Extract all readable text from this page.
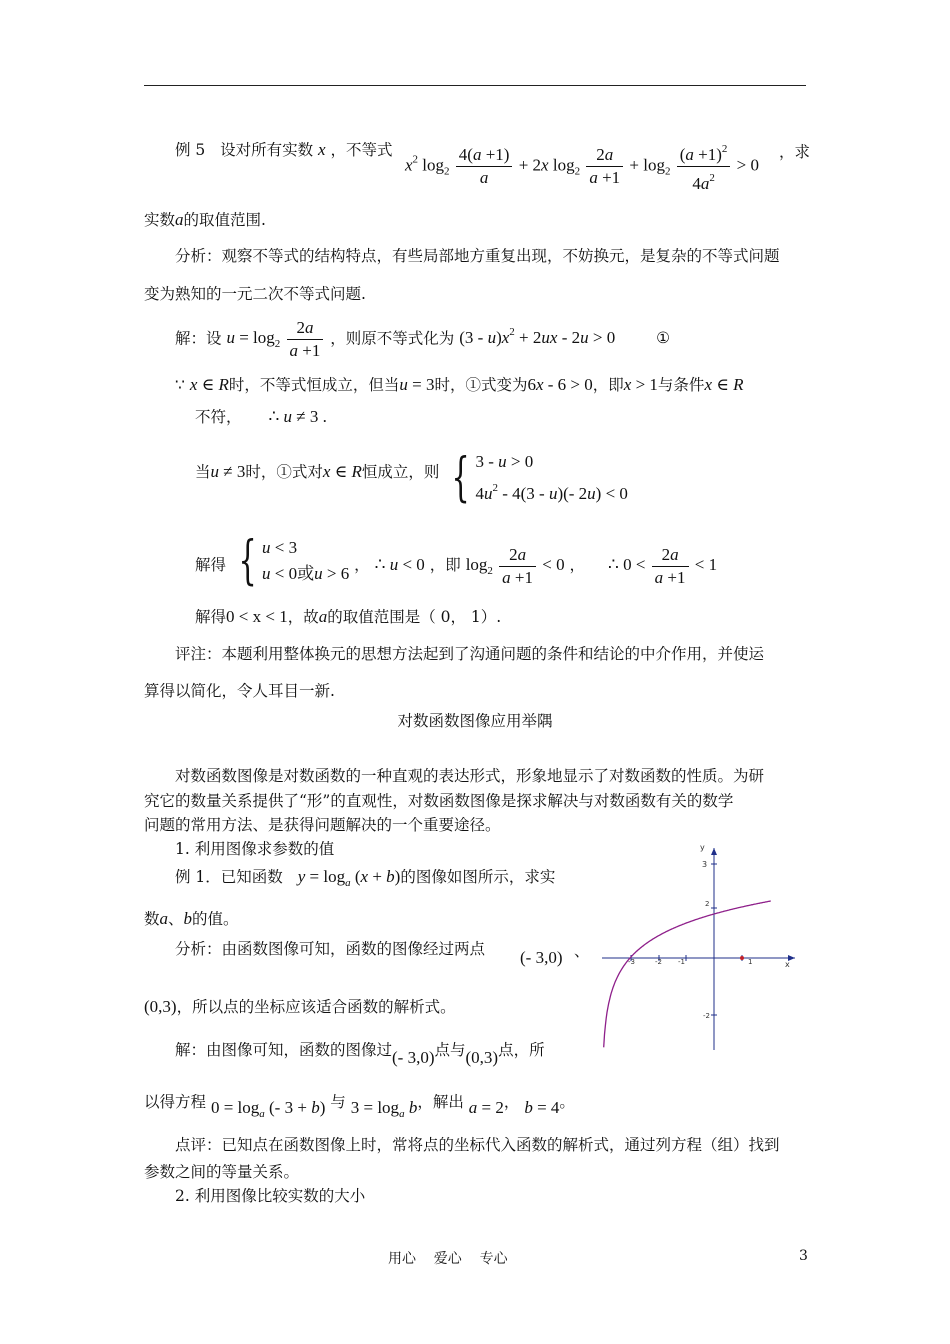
例 5 设对所有实数 x ，不等式
$x^2$ $\log_2 \frac{4(a +1)}{a} + 2x$ $\log_2 \frac{2a}{a +1} + \log_2 \frac{(a +1)^2}{4a^2} > 0$
，求
实数a的取值范围.
分析：观察不等式的结构特点，有些局部地方重复出现，不妨换元，是复杂的不等式问题
变为熟知的一元二次不等式问题.
解：设 $u = \log_2 \frac{2a}{a +1}$ ，则原不等式化为 $(3 - u)x^2 + 2ux - 2u > 0$	①
∵ x ∈ R时，不等式恒成立，但当u = 3时，①式变为6x - 6 > 0，即x > 1与条件x ∈ R
不符， ∴ u ≠ 3 .
当u ≠ 3时，①式对x ∈ R恒成立，则 { 3 - u > 0
$4u^2 - 4(3 - u)(-$ 2u) < 0
解得 { u < 3
u < 0或u > 6 ， ∴ u < 0 ，即 $\log_2 \frac{2a}{a +1} < 0$ ， ∴ $0 < \frac{2a}{a +1} < 1$
解得0 < x < 1，故a的取值范围是（ 0， 1）.
评注：本题利用整体换元的思想方法起到了沟通问题的条件和结论的中介作用，并使运
算得以简化，令人耳目一新.
对数函数图像应用举隅
对数函数图像是对数函数的一种直观的表达形式，形象地显示了对数函数的性质。为研
究它的数量关系提供了“形”的直观性，对数函数图像是探求解决与对数函数有关的数学
问题的常用方法、是获得问题解决的一个重要途径。
1. 利用图像求参数的值
例 1．已知函数 $y = \log_a (x + b)$的图像如图所示，求实
数a、b的值。
分析：由函数图像可知，函数的图像经过两点 (- 3,0) 、
(0,3)，所以点的坐标应该适合函数的解析式。
解：由图像可知，函数的图像过(- 3,0)点与(0,3)点，所
以得方程 $0 = \log_a$ (- 3 + b) 与 $3 = \log_a b$，解出 a = 2， b = 4。
点评：已知点在函数图像上时，常将点的坐标代入函数的解析式，通过列方程（组）找到
参数之间的等量关系。
2. 利用图像比较实数的大小
y
x
3
2
-2
-3	-2 -1	1
用心    爱心    专心	3
